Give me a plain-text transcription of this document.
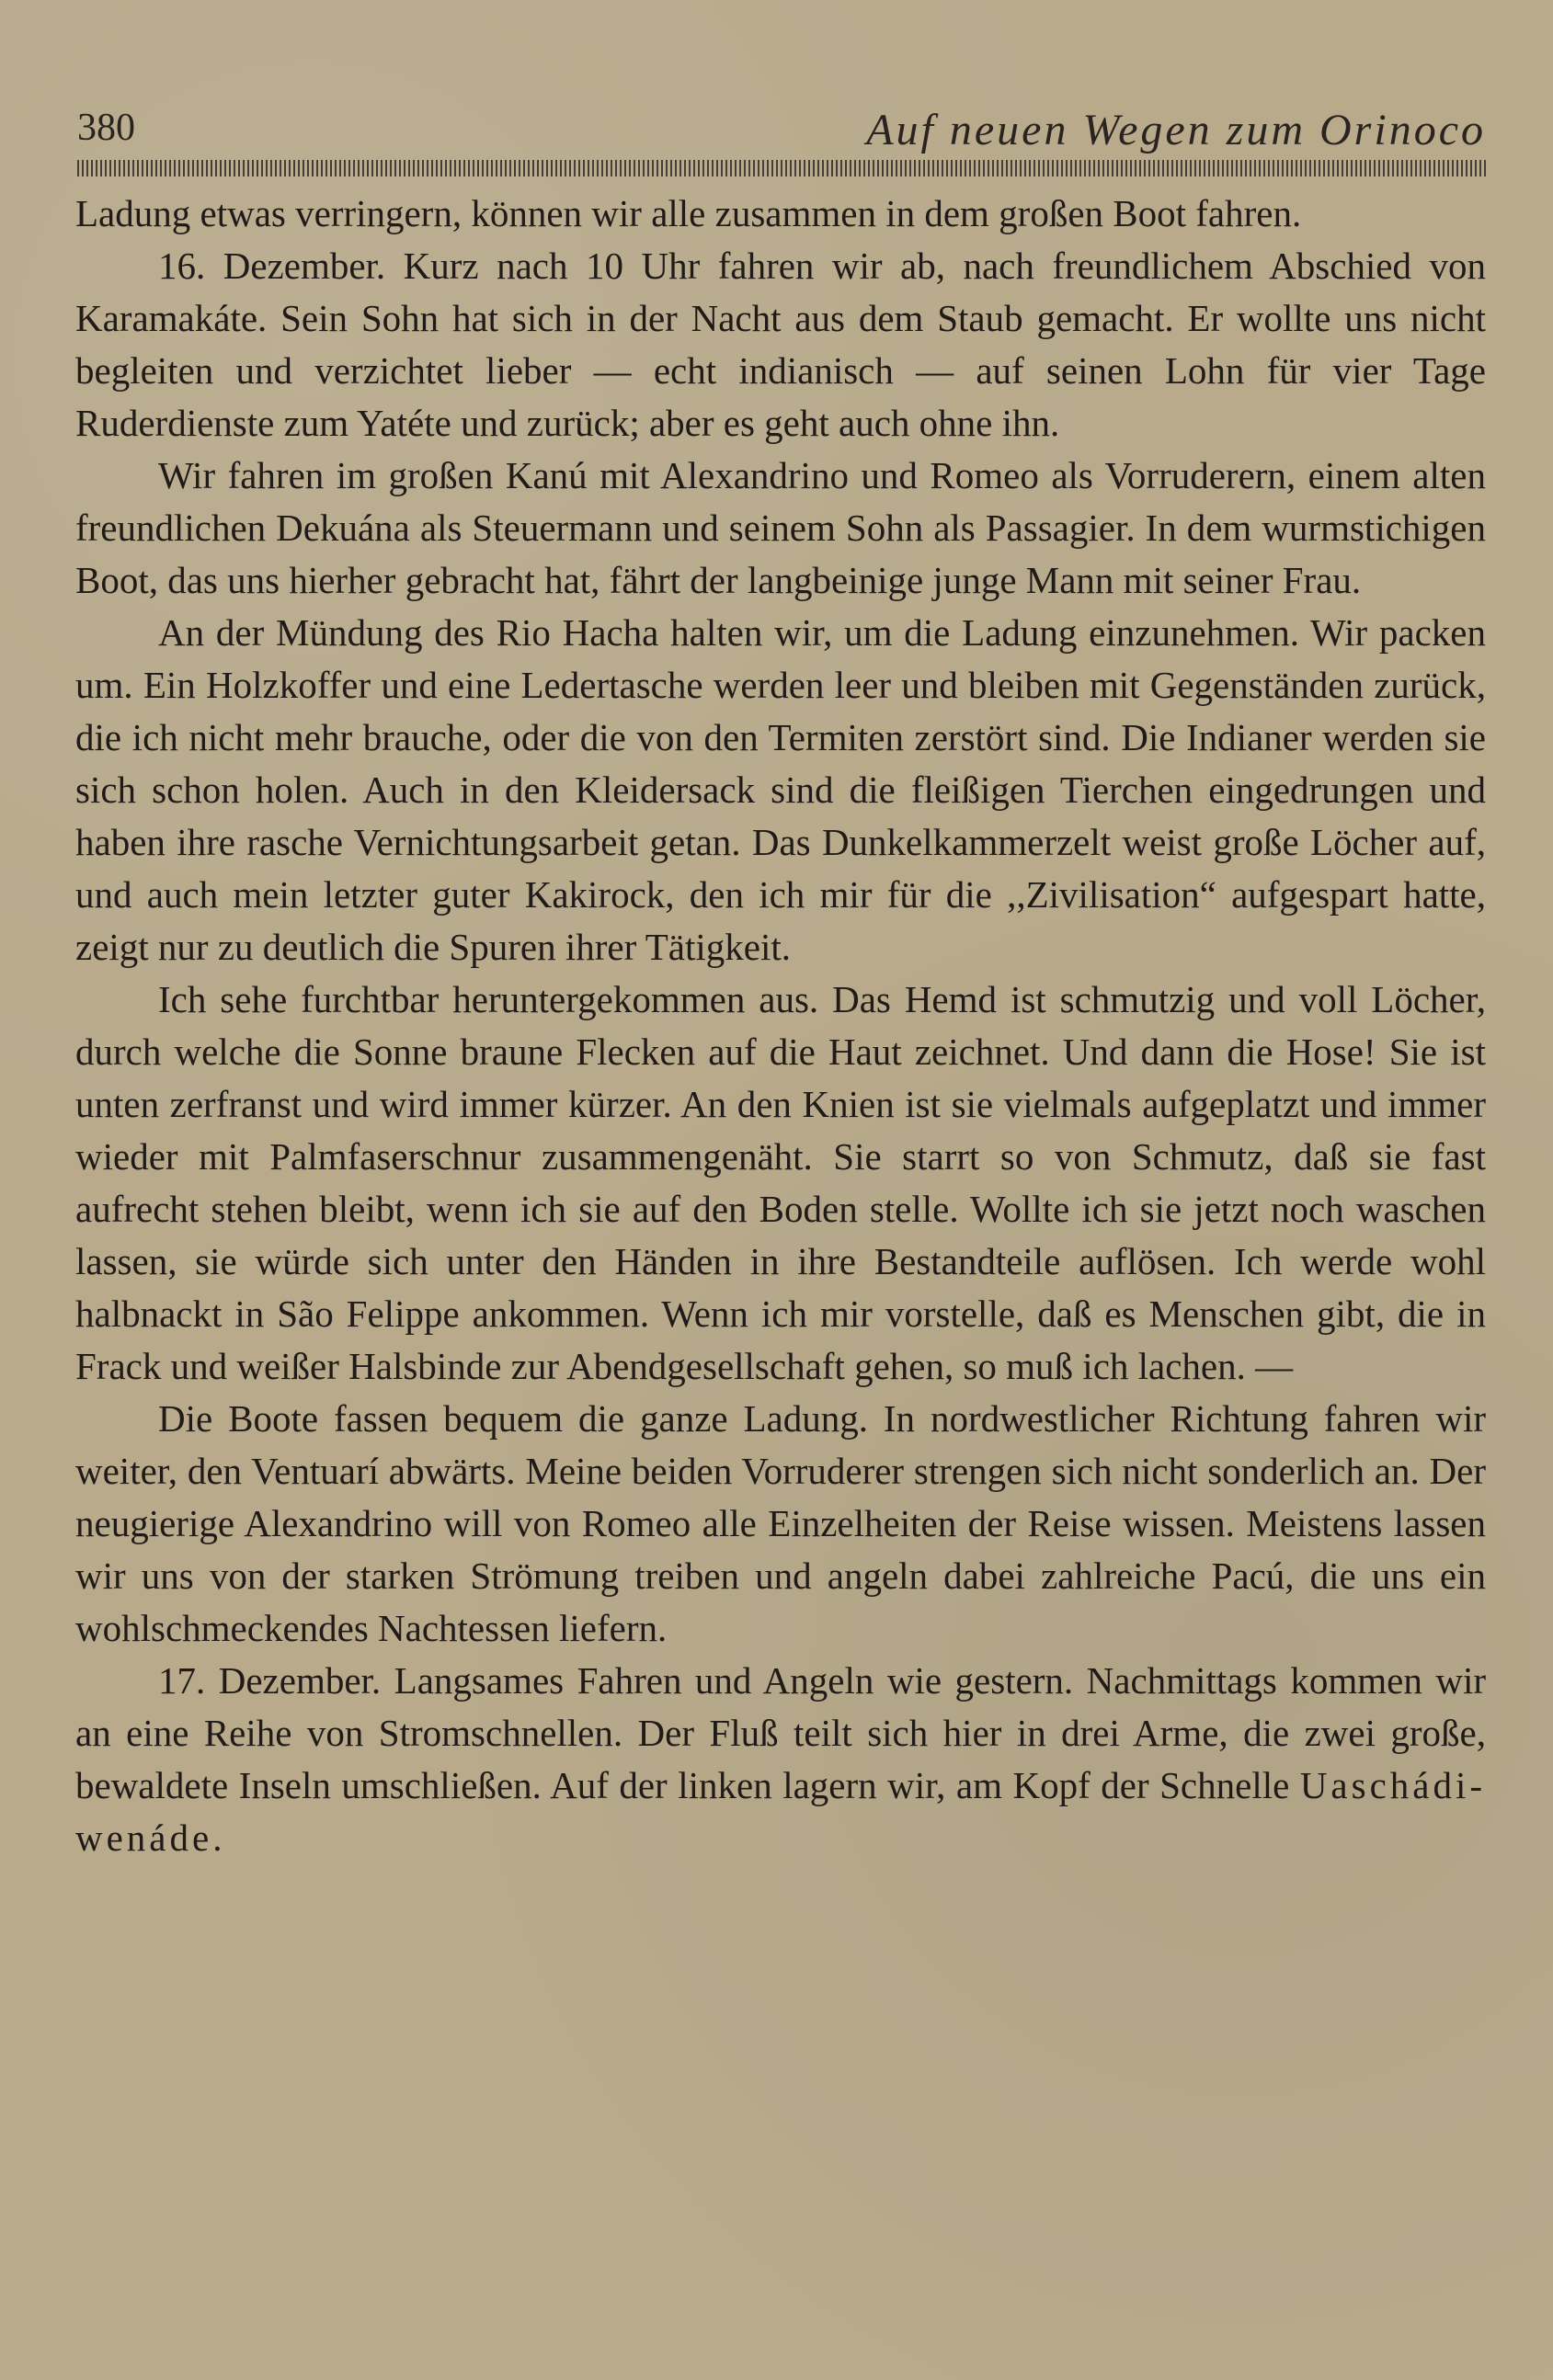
380	Auf neuen Wegen zum Orinoco

Ladung etwas verringern, können wir alle zusammen in dem großen Boot fahren.

16. Dezember. Kurz nach 10 Uhr fahren wir ab, nach freundlichem Abschied von Karamakáte. Sein Sohn hat sich in der Nacht aus dem Staub gemacht. Er wollte uns nicht begleiten und verzichtet lieber — echt indianisch — auf seinen Lohn für vier Tage Ruderdienste zum Yatéte und zurück; aber es geht auch ohne ihn.

Wir fahren im großen Kanú mit Alexandrino und Romeo als Vorruderern, einem alten freundlichen Dekuána als Steuermann und seinem Sohn als Passagier. In dem wurmstichigen Boot, das uns hierher gebracht hat, fährt der langbeinige junge Mann mit seiner Frau.

An der Mündung des Rio Hacha halten wir, um die Ladung einzunehmen. Wir packen um. Ein Holzkoffer und eine Ledertasche werden leer und bleiben mit Gegenständen zurück, die ich nicht mehr brauche, oder die von den Termiten zerstört sind. Die Indianer werden sie sich schon holen. Auch in den Kleidersack sind die fleißigen Tierchen eingedrungen und haben ihre rasche Vernichtungsarbeit getan. Das Dunkelkammerzelt weist große Löcher auf, und auch mein letzter guter Kakirock, den ich mir für die ,,Zivilisation“ aufgespart hatte, zeigt nur zu deutlich die Spuren ihrer Tätigkeit.

Ich sehe furchtbar heruntergekommen aus. Das Hemd ist schmutzig und voll Löcher, durch welche die Sonne braune Flecken auf die Haut zeichnet. Und dann die Hose! Sie ist unten zerfranst und wird immer kürzer. An den Knien ist sie vielmals aufgeplatzt und immer wieder mit Palmfaserschnur zusammengenäht. Sie starrt so von Schmutz, daß sie fast aufrecht stehen bleibt, wenn ich sie auf den Boden stelle. Wollte ich sie jetzt noch waschen lassen, sie würde sich unter den Händen in ihre Bestandteile auflösen. Ich werde wohl halbnackt in São Felippe ankommen. Wenn ich mir vorstelle, daß es Menschen gibt, die in Frack und weißer Halsbinde zur Abendgesellschaft gehen, so muß ich lachen. —

Die Boote fassen bequem die ganze Ladung. In nordwestlicher Richtung fahren wir weiter, den Ventuarí abwärts. Meine beiden Vorruderer strengen sich nicht sonderlich an. Der neugierige Alexandrino will von Romeo alle Einzelheiten der Reise wissen. Meistens lassen wir uns von der starken Strömung treiben und angeln dabei zahlreiche Pacú, die uns ein wohlschmeckendes Nachtessen liefern.

17. Dezember. Langsames Fahren und Angeln wie gestern. Nachmittags kommen wir an eine Reihe von Stromschnellen. Der Fluß teilt sich hier in drei Arme, die zwei große, bewaldete Inseln umschließen. Auf der linken lagern wir, am Kopf der Schnelle Uaschádi-wenáde.
